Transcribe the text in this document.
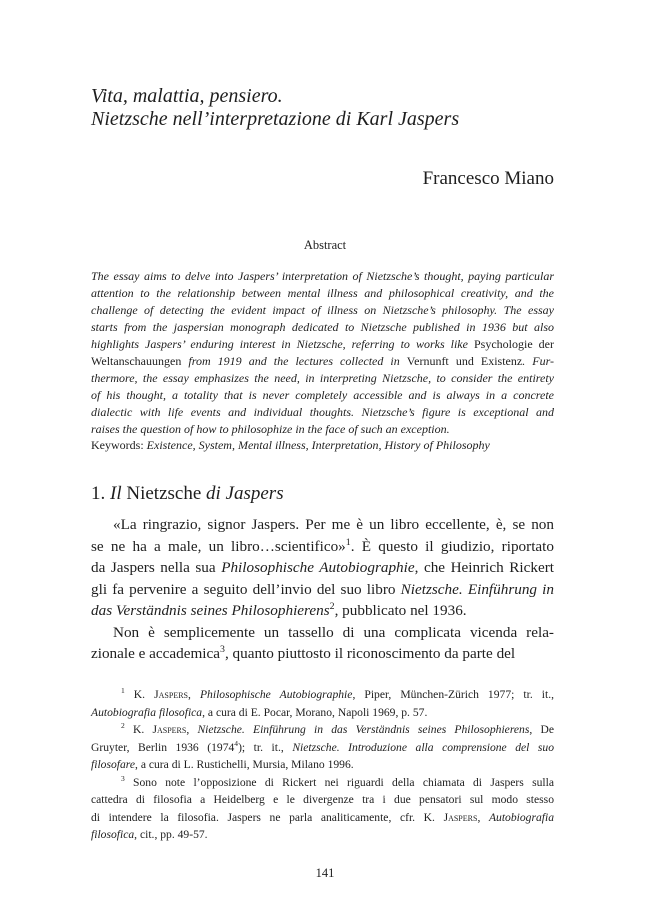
Vita, malattia, pensiero.
Nietzsche nell’interpretazione di Karl Jaspers
Francesco Miano
Abstract
The essay aims to delve into Jaspers’ interpretation of Nietzsche’s thought, paying particular
attention to the relationship between mental illness and philosophical creativity, and the
challenge of detecting the evident impact of illness on Nietzsche’s philosophy. The essay
starts from the jaspersian monograph dedicated to Nietzsche published in 1936 but also
highlights Jaspers’ enduring interest in Nietzsche, referring to works like Psychologie der
Weltanschauungen from 1919 and the lectures collected in Vernunft und Existenz. Fur-
thermore, the essay emphasizes the need, in interpreting Nietzsche, to consider the entirety
of his thought, a totality that is never completely accessible and is always in a concrete
dialectic with life events and individual thoughts. Nietzsche’s figure is exceptional and
raises the question of how to philosophize in the face of such an exception.
Keywords: Existence, System, Mental illness, Interpretation, History of Philosophy
1. Il Nietzsche di Jaspers
«La ringrazio, signor Jaspers. Per me è un libro eccellente, è, se non
se ne ha a male, un libro…scientifico»$^1$. È questo il giudizio, riportato
da Jaspers nella sua Philosophische Autobiographie, che Heinrich Rickert
gli fa pervenire a seguito dell’invio del suo libro Nietzsche. Einführung in
das Verständnis seines Philosophierens$^2$, pubblicato nel 1936.
Non è semplicemente un tassello di una complicata vicenda rela-
zionale e accademica$^3$, quanto piuttosto il riconoscimento da parte del
$^1$ K. Jaspers, Philosophische Autobiographie, Piper, München-Zürich 1977; tr. it.,
Autobiografia filosofica, a cura di E. Pocar, Morano, Napoli 1969, p. 57.
$^2$ K. Jaspers, Nietzsche. Einführung in das Verständnis seines Philosophierens, De
Gruyter, Berlin 1936 (1974$^4$); tr. it., Nietzsche. Introduzione alla comprensione del suo
filosofare, a cura di L. Rustichelli, Mursia, Milano 1996.
$^3$ Sono note l’opposizione di Rickert nei riguardi della chiamata di Jaspers sulla
cattedra di filosofia a Heidelberg e le divergenze tra i due pensatori sul modo stesso
di intendere la filosofia. Jaspers ne parla analiticamente, cfr. K. Jaspers, Autobiografia
filosofica, cit., pp. 49-57.
141
